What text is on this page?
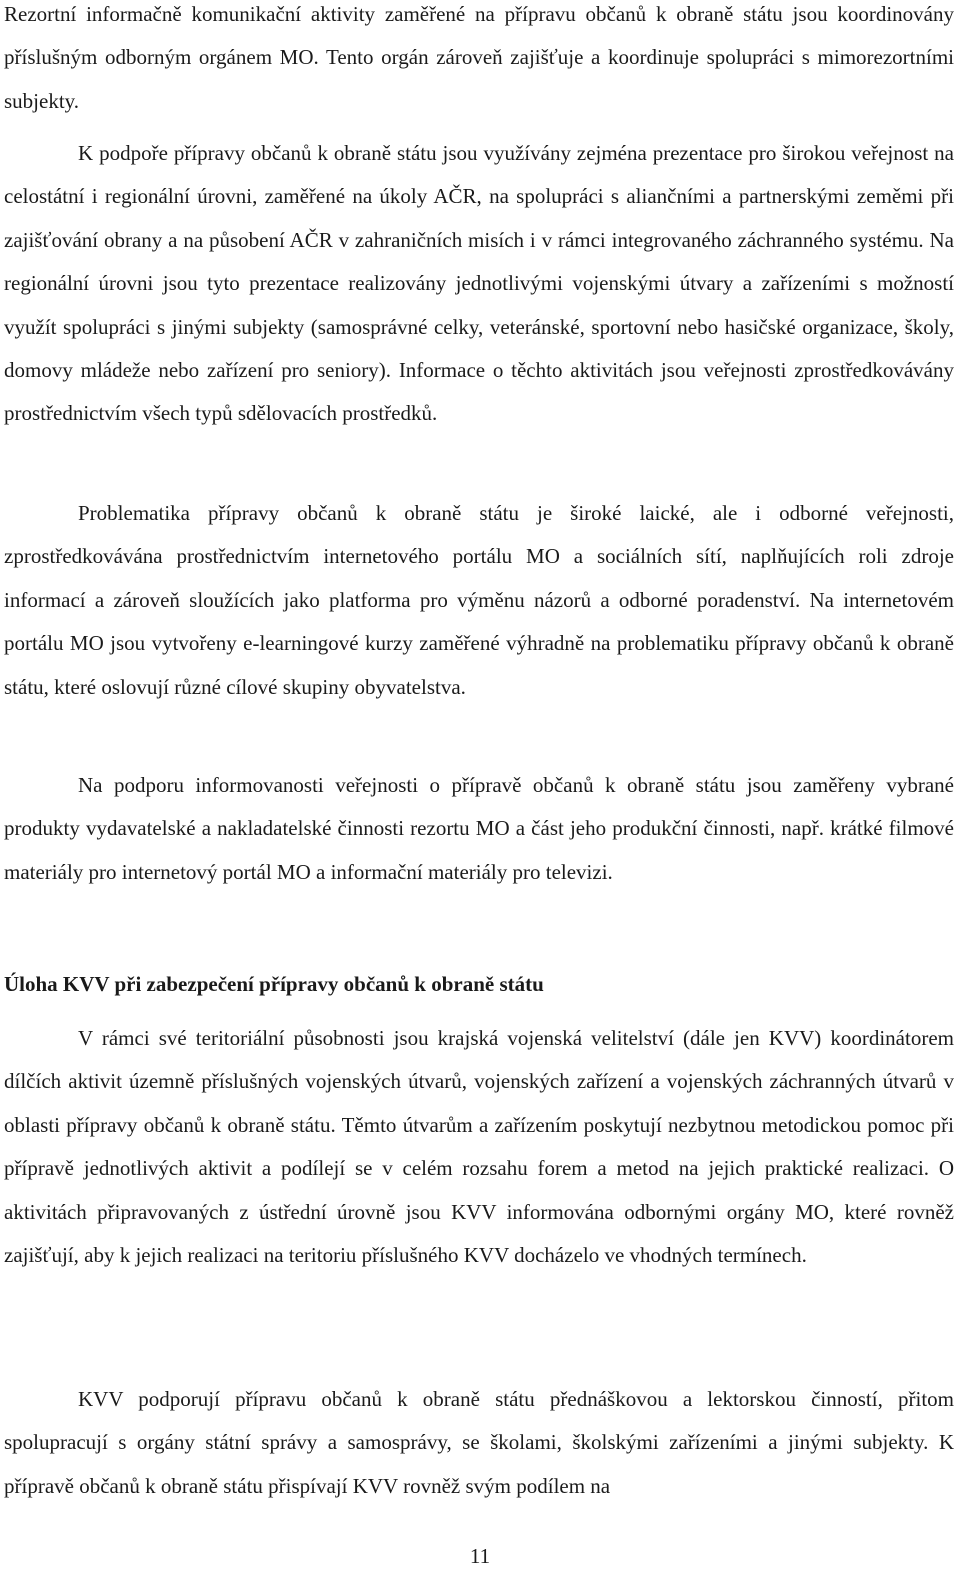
Rezortní informačně komunikační aktivity zaměřené na přípravu občanů k obraně státu jsou koordinovány příslušným odborným orgánem MO. Tento orgán zároveň zajišťuje a koordinuje spolupráci s mimorezortními subjekty.

K podpoře přípravy občanů k obraně státu jsou využívány zejména prezentace pro širokou veřejnost na celostátní i regionální úrovni, zaměřené na úkoly AČR, na spolupráci s aliančními a partnerskými zeměmi při zajišťování obrany a na působení AČR v zahraničních misích i v rámci integrovaného záchranného systému. Na regionální úrovni jsou tyto prezentace realizovány jednotlivými vojenskými útvary a zařízeními s možností využít spolupráci s jinými subjekty (samosprávné celky, veteránské, sportovní nebo hasičské organizace, školy, domovy mládeže nebo zařízení pro seniory). Informace o těchto aktivitách jsou veřejnosti zprostředkovávány prostřednictvím všech typů sdělovacích prostředků.

Problematika přípravy občanů k obraně státu je široké laické, ale i odborné veřejnosti, zprostředkovávána prostřednictvím internetového portálu MO a sociálních sítí, naplňujících roli zdroje informací a zároveň sloužících jako platforma pro výměnu názorů a odborné poradenství. Na internetovém portálu MO jsou vytvořeny e-learningové kurzy zaměřené výhradně na problematiku přípravy občanů k obraně státu, které oslovují různé cílové skupiny obyvatelstva.

Na podporu informovanosti veřejnosti o přípravě občanů k obraně státu jsou zaměřeny vybrané produkty vydavatelské a nakladatelské činnosti rezortu MO a část jeho produkční činnosti, např. krátké filmové materiály pro internetový portál MO a informační materiály pro televizi.

Úloha KVV při zabezpečení přípravy občanů k obraně státu

V rámci své teritoriální působnosti jsou krajská vojenská velitelství (dále jen KVV) koordinátorem dílčích aktivit územně příslušných vojenských útvarů, vojenských zařízení a vojenských záchranných útvarů v oblasti přípravy občanů k obraně státu. Těmto útvarům a zařízením poskytují nezbytnou metodickou pomoc při přípravě jednotlivých aktivit a podílejí se v celém rozsahu forem a metod na jejich praktické realizaci. O aktivitách připravovaných z ústřední úrovně jsou KVV informována odbornými orgány MO, které rovněž zajišťují, aby k jejich realizaci na teritoriu příslušného KVV docházelo ve vhodných termínech.

KVV podporují přípravu občanů k obraně státu přednáškovou a lektorskou činností, přitom spolupracují s orgány státní správy a samosprávy, se školami, školskými zařízeními a jinými subjekty. K přípravě občanů k obraně státu přispívají KVV rovněž svým podílem na

11
